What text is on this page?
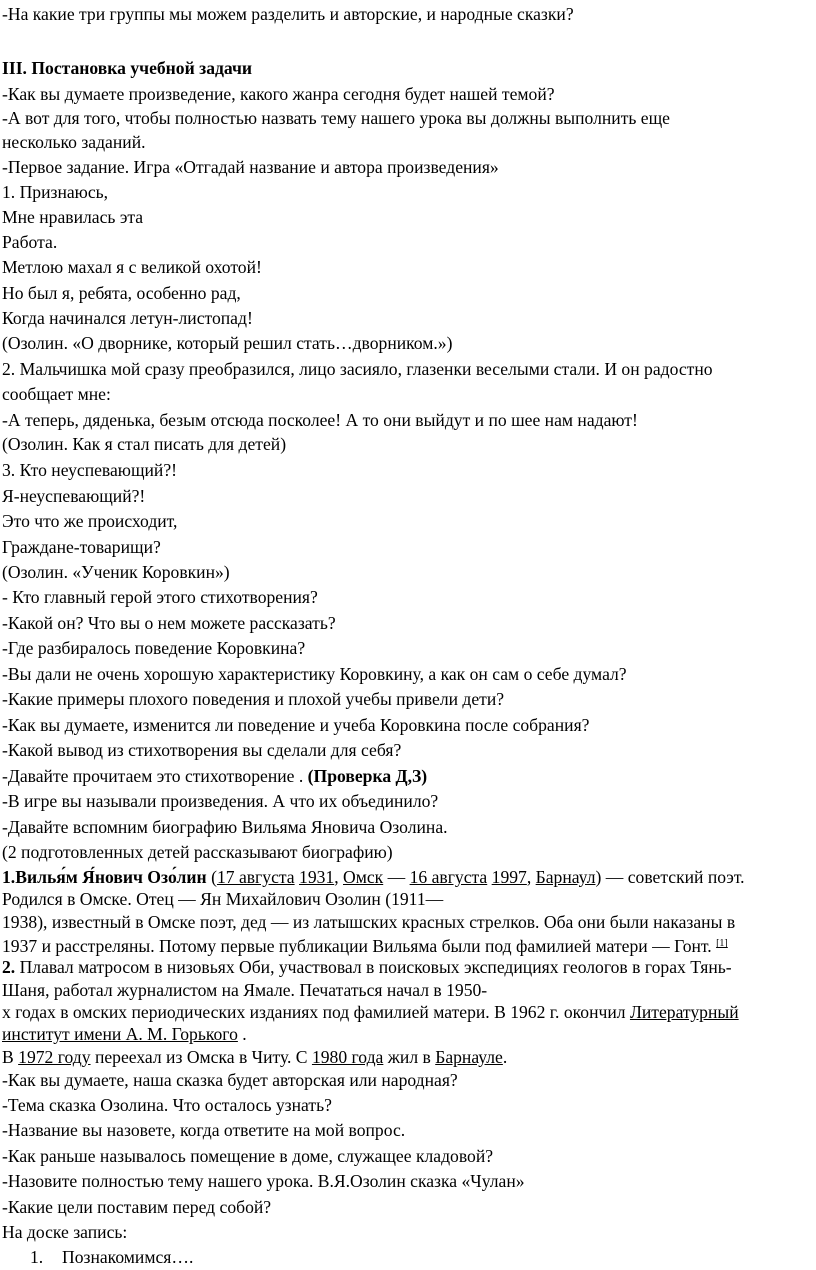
-На какие три группы мы можем разделить и авторские, и народные сказки?
III. Постановка учебной задачи
-Как вы думаете произведение, какого жанра сегодня будет нашей темой?
-А вот для того, чтобы полностью назвать тему нашего урока вы должны выполнить еще
несколько заданий.
-Первое задание. Игра «Отгадай название и автора произведения»
1. Признаюсь,
Мне нравилась эта
Работа.
Метлою махал я с великой охотой!
Но был я, ребята, особенно рад,
Когда начинался летун-листопад!
(Озолин. «О дворнике, который решил стать…дворником.»)
2. Мальчишка мой сразу преобразился, лицо засияло, глазенки веселыми стали. И он радостно
сообщает мне:
-А теперь, дяденька, безым отсюда посколее! А то они выйдут и по шее нам надают!
(Озолин. Как я стал писать для детей)
3. Кто неуспевающий?!
Я-неуспевающий?!
Это что же происходит,
Граждане-товарищи?
(Озолин. «Ученик Коровкин»)
- Кто главный герой этого стихотворения?
-Какой он? Что вы о нем можете рассказать?
-Где разбиралось поведение Коровкина?
-Вы дали не очень хорошую характеристику Коровкину, а как он сам о себе думал?
-Какие примеры плохого поведения и плохой учебы привели дети?
-Как вы думаете, изменится ли поведение и учеба Коровкина после собрания?
-Какой вывод из стихотворения вы сделали для себя?
-Давайте прочитаем это стихотворение . (Проверка Д,З)
-В игре вы называли произведения. А что их объединило?
-Давайте вспомним биографию Вильяма Яновича Озолина.
(2 подготовленных детей рассказывают биографию)
1.Вилья́м Я́нович Озо́лин (17 августа 1931, Омск — 16 августа 1997, Барнаул) — советский поэт.
Родился в Омске. Отец — Ян Михайлович Озолин (1911—
1938), известный в Омске поэт, дед — из латышских красных стрелков. Оба они были наказаны в
1937 и расстреляны. Потому первые публикации Вильяма были под фамилией матери — Гонт. [1]
2. Плавал матросом в низовьях Оби, участвовал в поисковых экспедициях геологов в горах Тянь-
Шаня, работал журналистом на Ямале. Печататься начал в 1950-
х годах в омских периодических изданиях под фамилией матери. В 1962 г. окончил Литературный
институт имени А. М. Горького .
В 1972 году переехал из Омска в Читу. С 1980 года жил в Барнауле.
-Как вы думаете, наша сказка будет авторская или народная?
-Тема сказка Озолина. Что осталось узнать?
-Название вы назовете, когда ответите на мой вопрос.
-Как раньше называлось помещение в доме, служащее кладовой?
-Назовите полностью тему нашего урока. В.Я.Озолин сказка «Чулан»
-Какие цели поставим перед собой?
На доске запись:
1. Познакомимся….
